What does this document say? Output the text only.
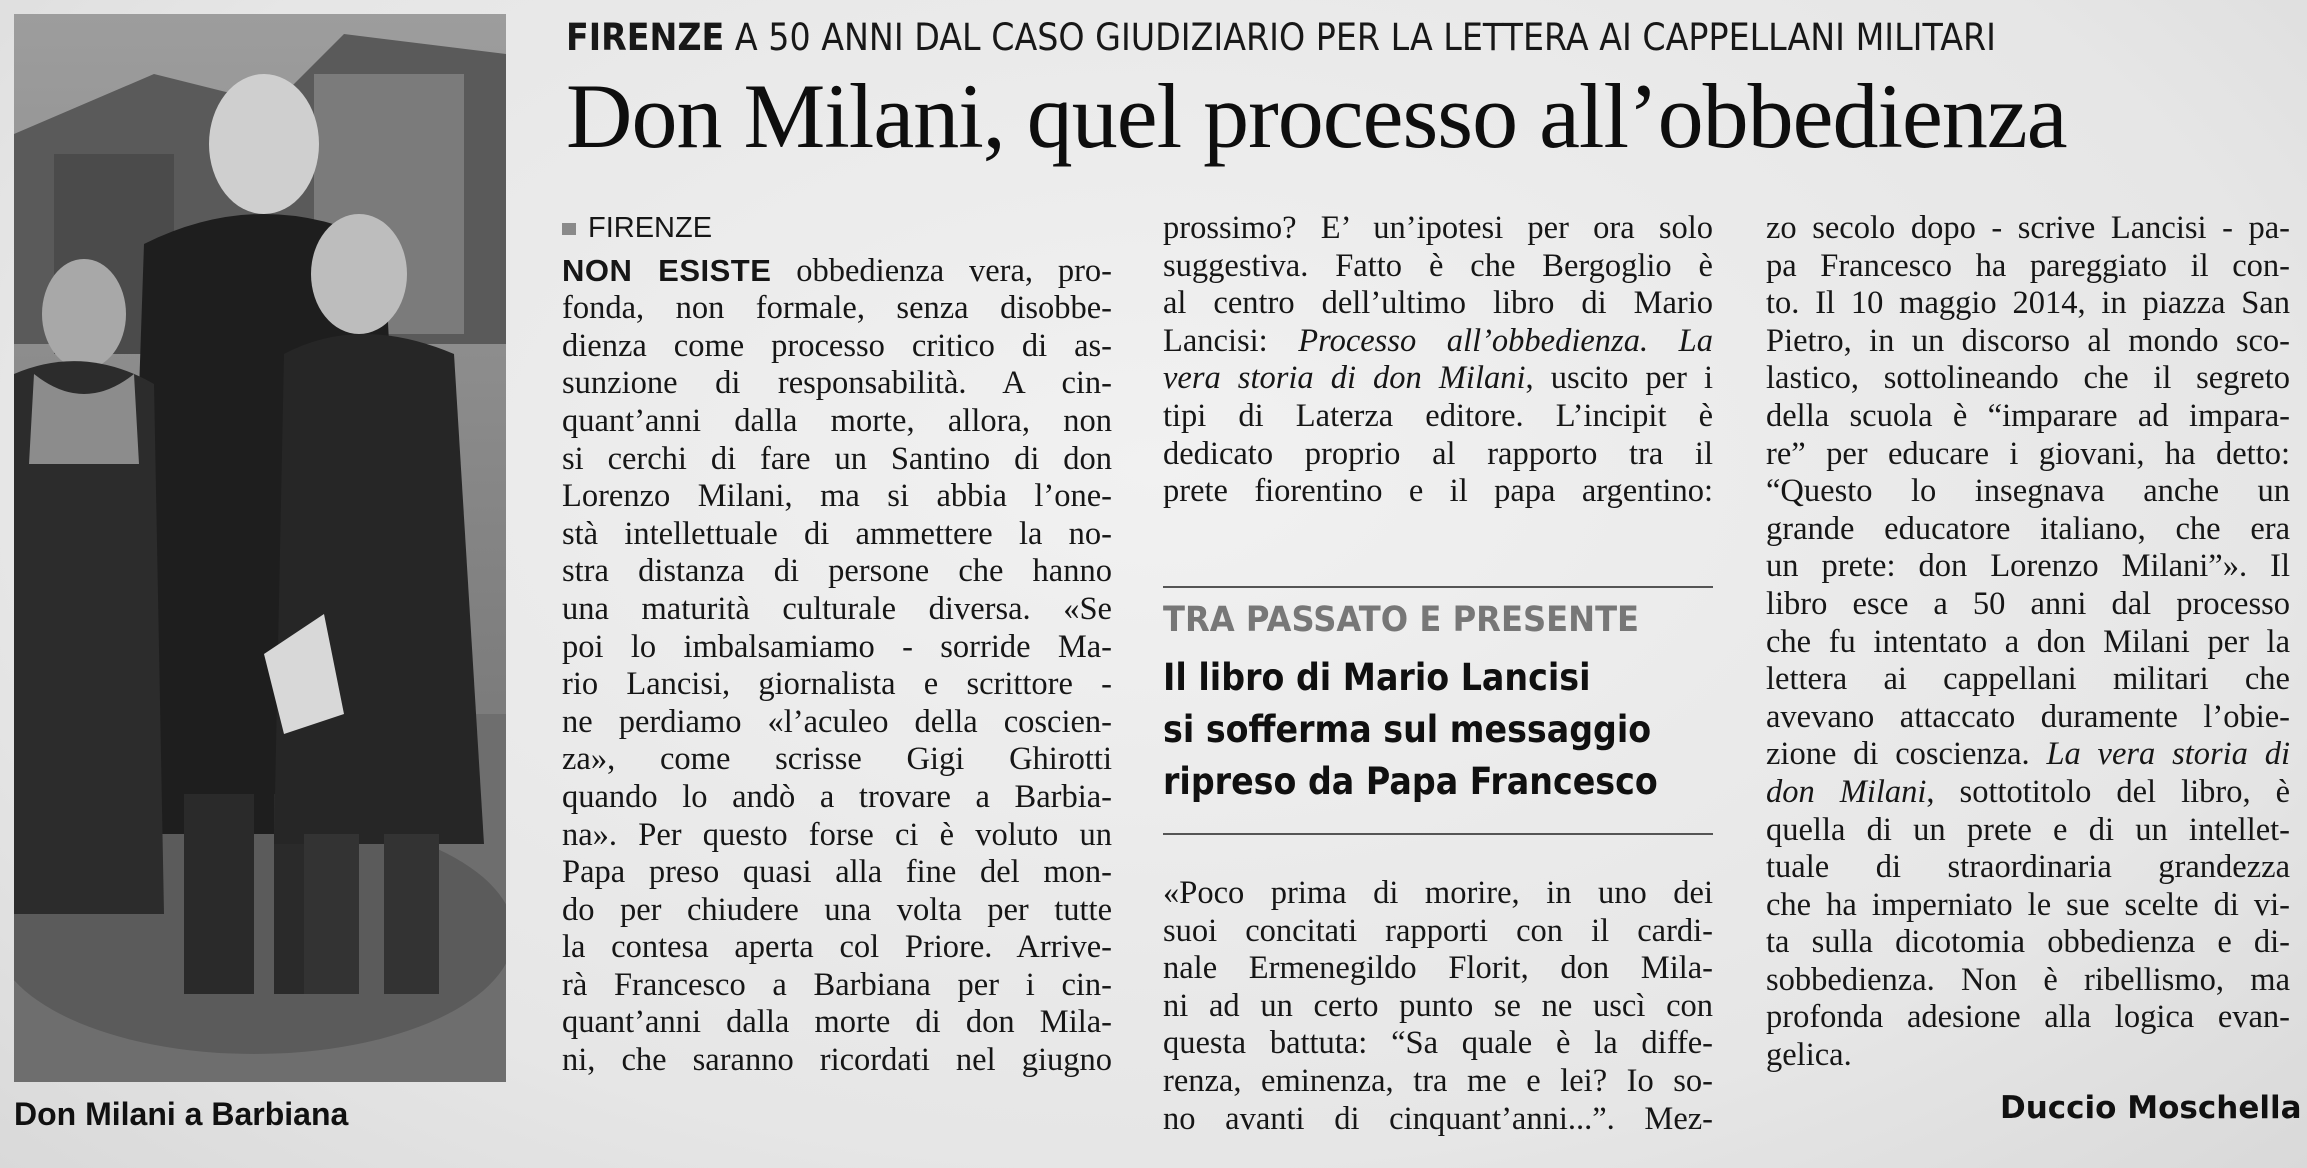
Don Milani a Barbiana
FIRENZE A 50 ANNI DAL CASO GIUDIZIARIO PER LA LETTERA AI CAPPELLANI MILITARI
Don Milani, quel processo all’obbedienza
FIRENZE
NON ESISTE obbedienza vera, pro-
fonda, non formale, senza disobbe-
dienza come processo critico di as-
sunzione di responsabilità. A cin-
quant’anni dalla morte, allora, non
si cerchi di fare un Santino di don
Lorenzo Milani, ma si abbia l’one-
stà intellettuale di ammettere la no-
stra distanza di persone che hanno
una maturità culturale diversa. «Se
poi lo imbalsamiamo - sorride Ma-
rio Lancisi, giornalista e scrittore -
ne perdiamo «l’aculeo della coscien-
za», come scrisse Gigi Ghirotti
quando lo andò a trovare a Barbia-
na». Per questo forse ci è voluto un
Papa preso quasi alla fine del mon-
do per chiudere una volta per tutte
la contesa aperta col Priore. Arrive-
rà Francesco a Barbiana per i cin-
quant’anni dalla morte di don Mila-
ni, che saranno ricordati nel giugno
prossimo? E’ un’ipotesi per ora solo
suggestiva. Fatto è che Bergoglio è
al centro dell’ultimo libro di Mario
Lancisi: Processo all’obbedienza. La
vera storia di don Milani, uscito per i
tipi di Laterza editore. L’incipit è
dedicato proprio al rapporto tra il
prete fiorentino e il papa argentino:
TRA PASSATO E PRESENTE
Il libro di Mario Lancisi
si sofferma sul messaggio
ripreso da Papa Francesco
«Poco prima di morire, in uno dei
suoi concitati rapporti con il cardi-
nale Ermenegildo Florit, don Mila-
ni ad un certo punto se ne uscì con
questa battuta: “Sa quale è la diffe-
renza, eminenza, tra me e lei? Io so-
no avanti di cinquant’anni...”. Mez-
zo secolo dopo - scrive Lancisi - pa-
pa Francesco ha pareggiato il con-
to. Il 10 maggio 2014, in piazza San
Pietro, in un discorso al mondo sco-
lastico, sottolineando che il segreto
della scuola è “imparare ad impara-
re” per educare i giovani, ha detto:
“Questo lo insegnava anche un
grande educatore italiano, che era
un prete: don Lorenzo Milani”». Il
libro esce a 50 anni dal processo
che fu intentato a don Milani per la
lettera ai cappellani militari che
avevano attaccato duramente l’obie-
zione di coscienza. La vera storia di
don Milani, sottotitolo del libro, è
quella di un prete e di un intellet-
tuale di straordinaria grandezza
che ha imperniato le sue scelte di vi-
ta sulla dicotomia obbedienza e di-
sobbedienza. Non è ribellismo, ma
profonda adesione alla logica evan-
gelica.
Duccio Moschella
